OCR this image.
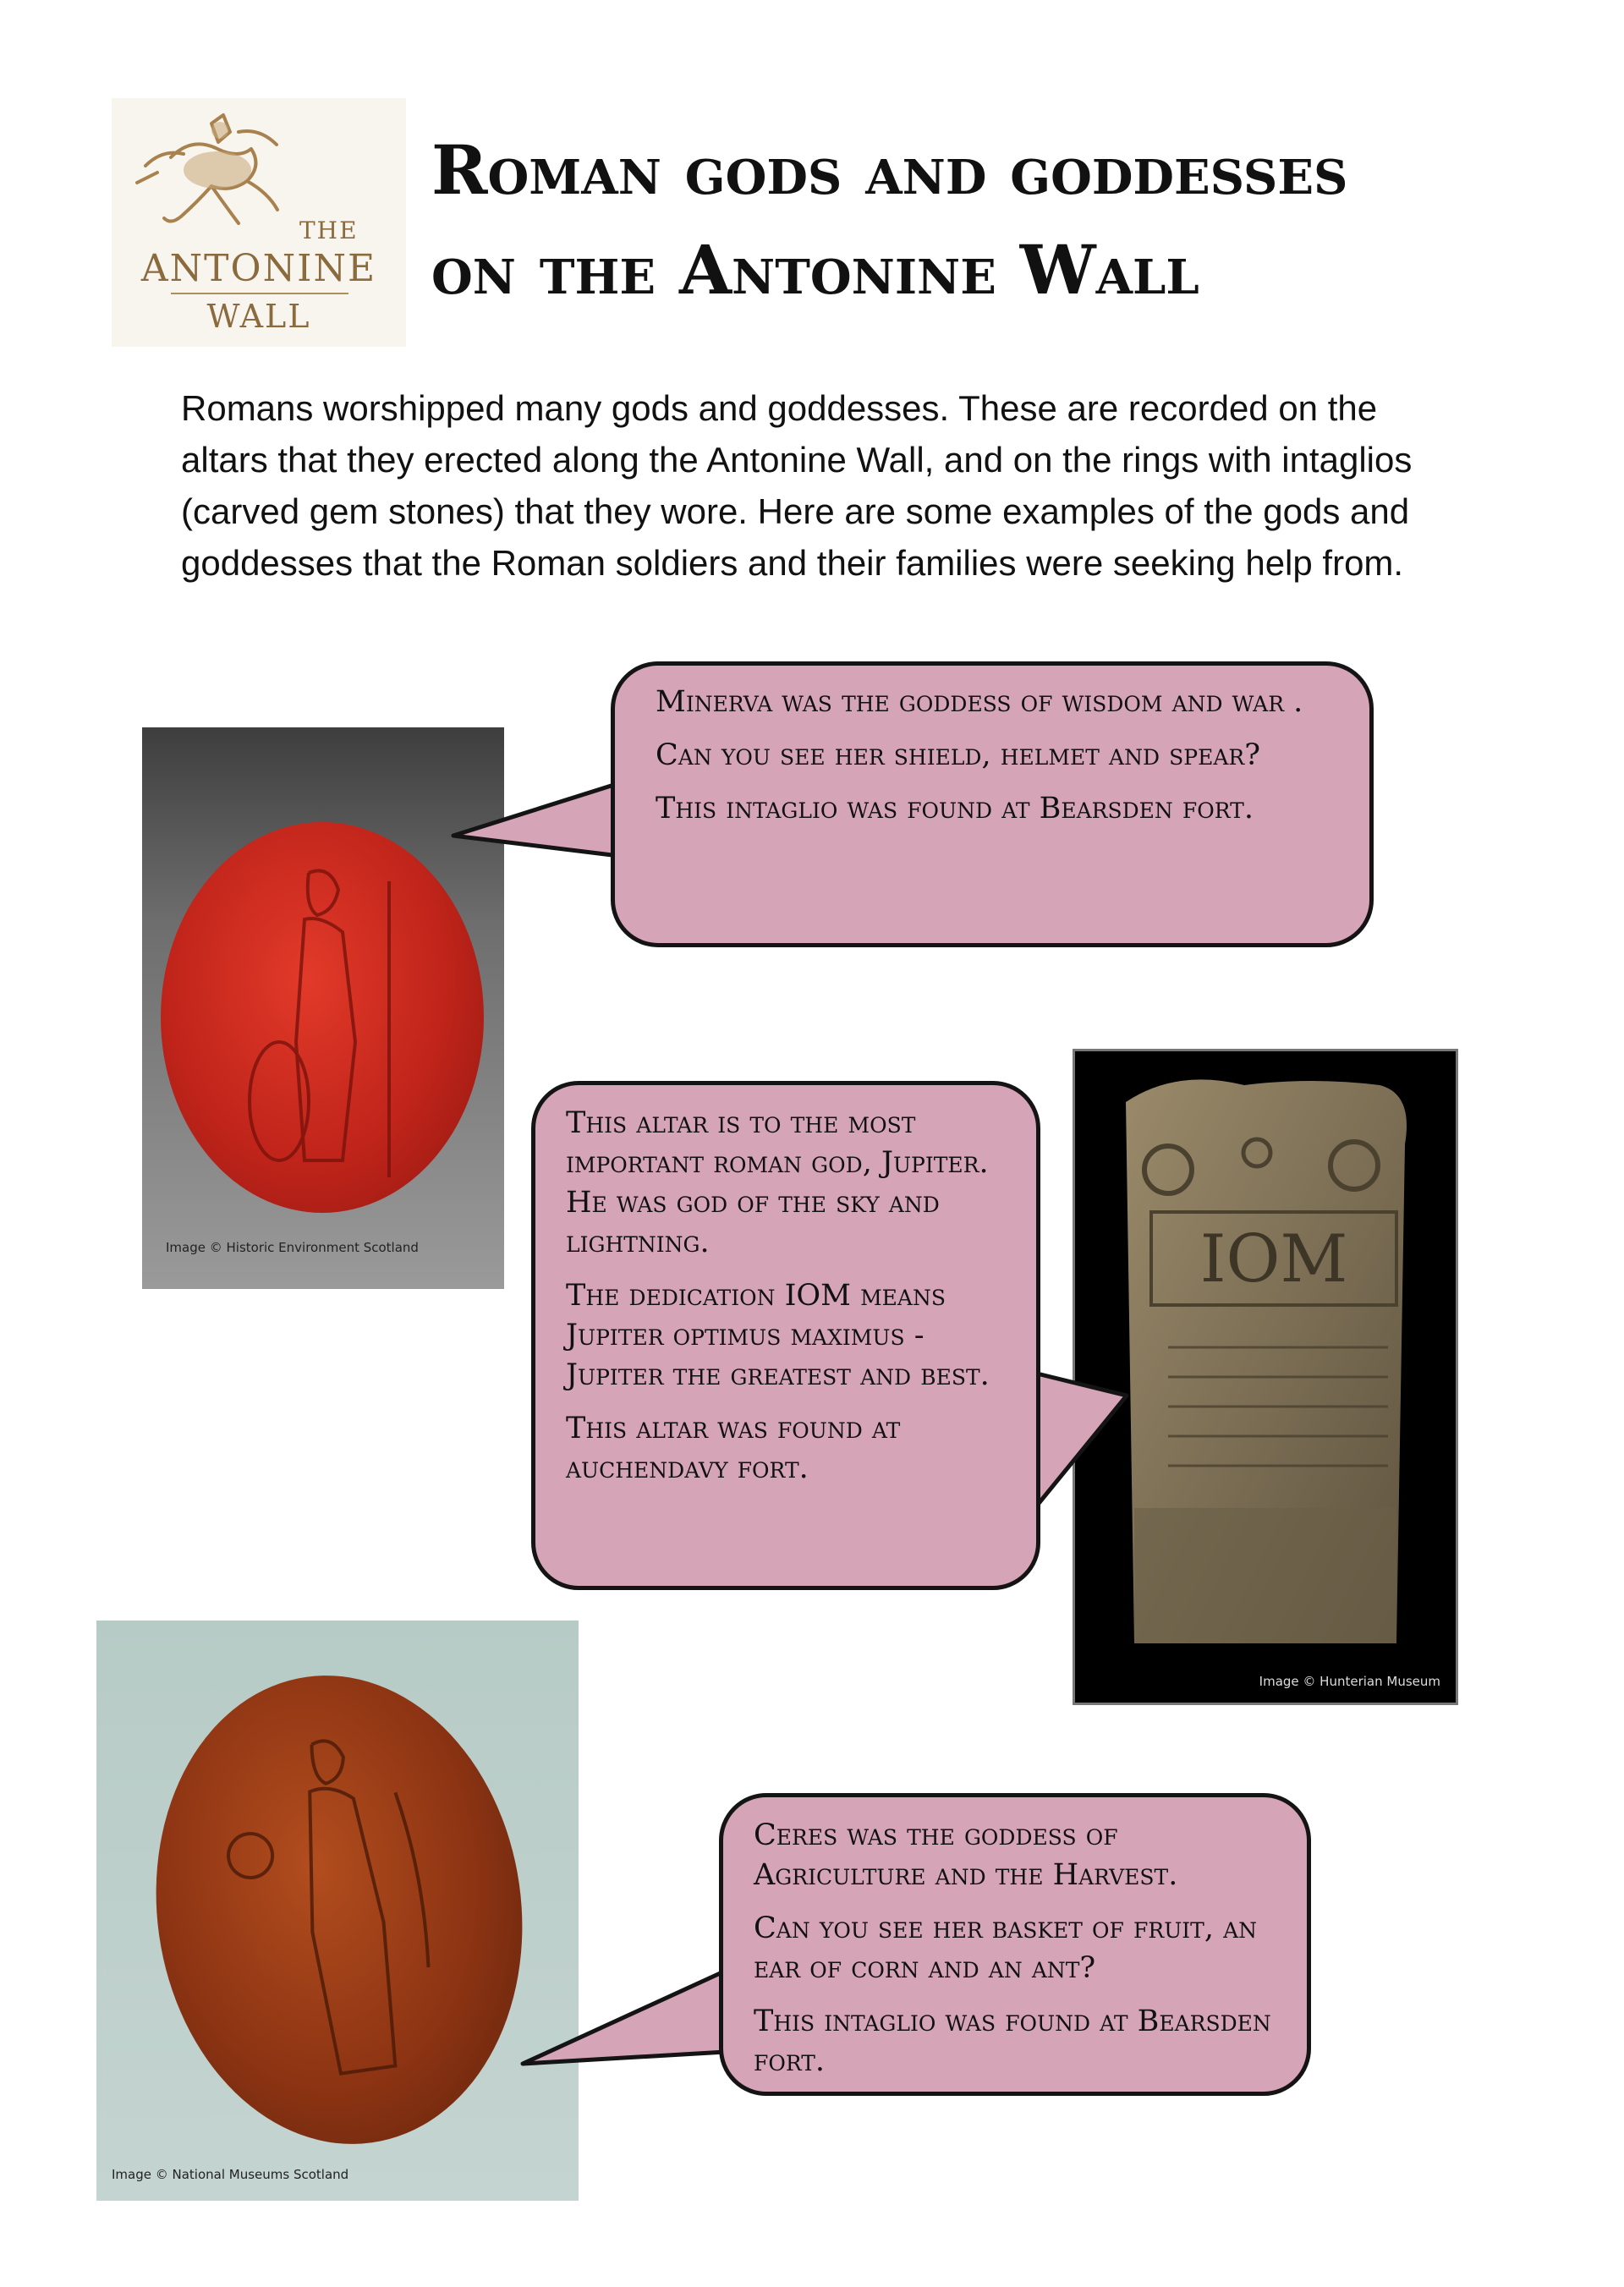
THE
ANTONINE
WALL
Roman gods and goddesses
on the Antonine Wall
Romans worshipped many gods and goddesses. These are recorded on the altars that they erected along the Antonine Wall, and on the rings with intaglios (carved gem stones) that they wore. Here are some examples of the gods and goddesses that the Roman soldiers and their families were seeking help from.
Image © Historic Environment Scotland

Minerva was the goddess of wisdom and war .

Can you see her shield, helmet and spear?

This intaglio was found at Bearsden fort.

IOM
Image © Hunterian Museum

This altar is to the most important roman god, Jupiter. He was god of the sky and lightning.

The dedication IOM means Jupiter optimus maximus - Jupiter the greatest and best.

This altar was found at auchendavy fort.

Image © National Museums Scotland

Ceres was the goddess of Agriculture and the Harvest.

Can you see her basket of fruit, an ear of corn and an ant?

This intaglio was found at Bearsden fort.
